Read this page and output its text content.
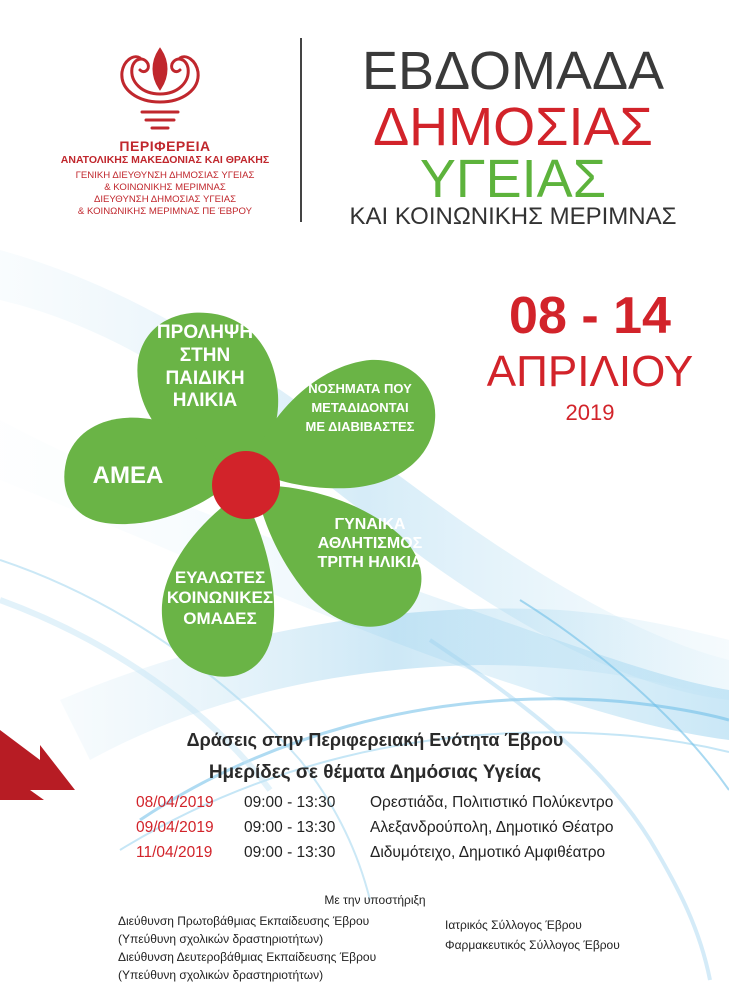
ΠΕΡΙΦΕΡΕΙΑ
ΑΝΑΤΟΛΙΚΗΣ ΜΑΚΕΔΟΝΙΑΣ ΚΑΙ ΘΡΑΚΗΣ
ΓΕΝΙΚΗ ΔΙΕΥΘΥΝΣΗ ΔΗΜΟΣΙΑΣ ΥΓΕΙΑΣ
& ΚΟΙΝΩΝΙΚΗΣ ΜΕΡΙΜΝΑΣ
ΔΙΕΥΘΥΝΣΗ ΔΗΜΟΣΙΑΣ ΥΓΕΙΑΣ
& ΚΟΙΝΩΝΙΚΗΣ ΜΕΡΙΜΝΑΣ ΠΕ ΈΒΡΟΥ
ΕΒΔΟΜΑΔΑ
ΔΗΜΟΣΙΑΣ
ΥΓΕΙΑΣ
ΚΑΙ ΚΟΙΝΩΝΙΚΗΣ ΜΕΡΙΜΝΑΣ
08 - 14
ΑΠΡΙΛΙΟΥ
2019
ΠΡΟΛΗΨΗ
ΣΤΗΝ
ΠΑΙΔΙΚΗ
ΗΛΙΚΙΑ
ΝΟΣΗΜΑΤΑ ΠΟΥ
ΜΕΤΑΔΙΔΟΝΤΑΙ
ΜΕ ΔΙΑΒΙΒΑΣΤΕΣ
ΑΜΕΑ
ΓΥΝΑΙΚΑ
ΑΘΛΗΤΙΣΜΟΣ
ΤΡΙΤΗ ΗΛΙΚΙΑ
ΕΥΑΛΩΤΕΣ
ΚΟΙΝΩΝΙΚΕΣ
ΟΜΑΔΕΣ
Δράσεις στην Περιφερειακή Ενότητα Έβρου
Ημερίδες σε θέματα Δημόσιας Υγείας
08/04/2019 09:00 - 13:30 Ορεστιάδα, Πολιτιστικό Πολύκεντρο
09/04/2019 09:00 - 13:30 Αλεξανδρούπολη, Δημοτικό Θέατρο
11/04/2019 09:00 - 13:30 Διδυμότειχο, Δημοτικό Αμφιθέατρο
Με την υποστήριξη
Διεύθυνση Πρωτοβάθμιας Εκπαίδευσης Έβρου
(Υπεύθυνη σχολικών δραστηριοτήτων)
Διεύθυνση Δευτεροβάθμιας Εκπαίδευσης Έβρου
(Υπεύθυνη σχολικών δραστηριοτήτων)
Ιατρικός Σύλλογος Έβρου
Φαρμακευτικός Σύλλογος Έβρου
